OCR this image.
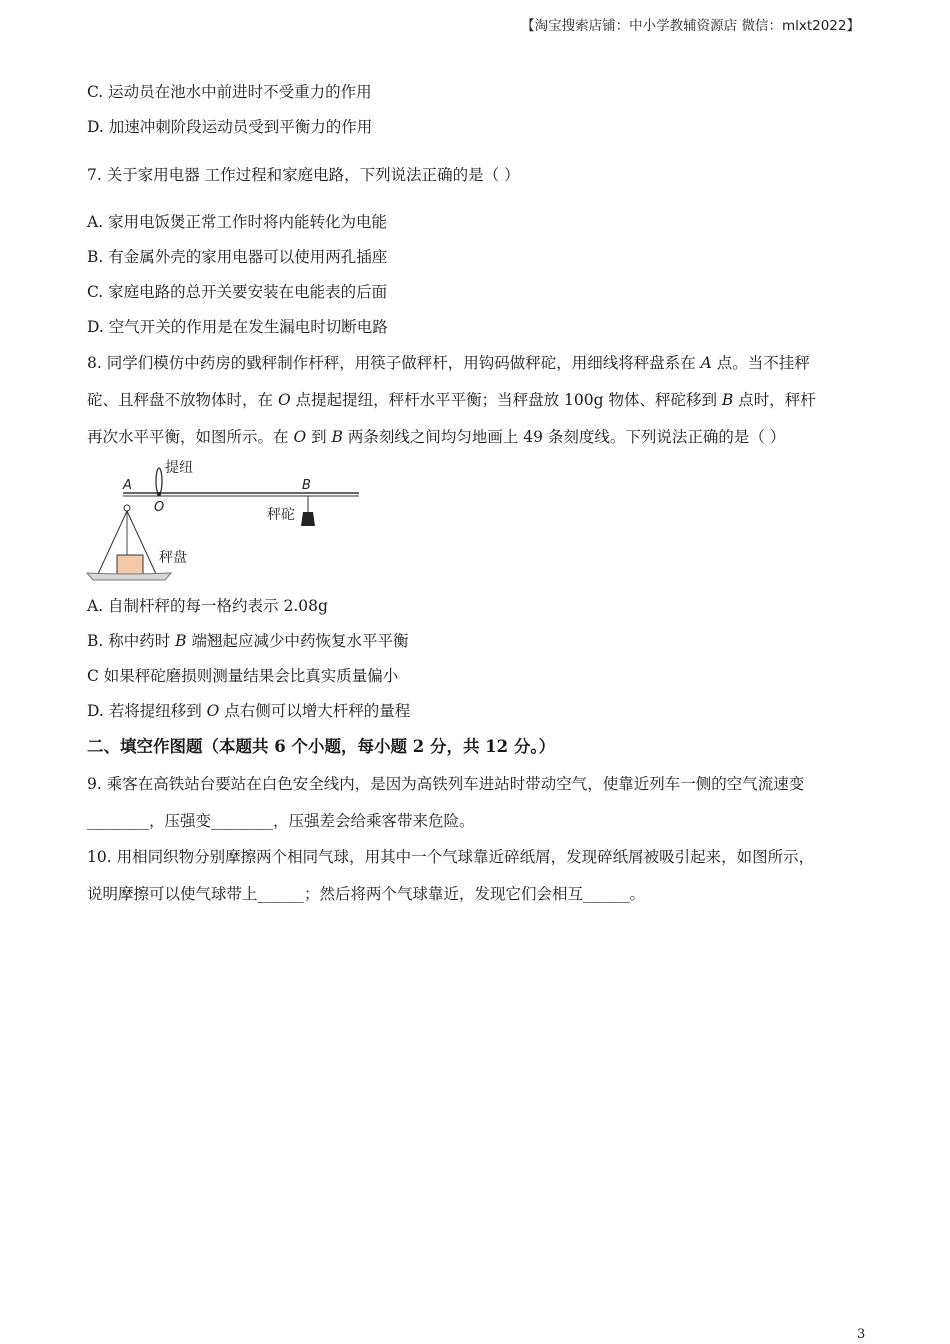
【淘宝搜索店铺：中小学教辅资源店 微信：mlxt2022】
C. 运动员在池水中前进时不受重力的作用
D. 加速冲刺阶段运动员受到平衡力的作用
7. 关于家用电器 工作过程和家庭电路，下列说法正确的是（ ）
A. 家用电饭煲正常工作时将内能转化为电能
B. 有金属外壳的家用电器可以使用两孔插座
C. 家庭电路的总开关要安装在电能表的后面
D. 空气开关的作用是在发生漏电时切断电路
8. 同学们模仿中药房的戥秤制作杆秤，用筷子做秤杆，用钩码做秤砣，用细线将秤盘系在 A 点。当不挂秤
砣、且秤盘不放物体时，在 O 点提起提纽，秤杆水平平衡；当秤盘放 100g 物体、秤砣移到 B 点时，秤杆
再次水平平衡，如图所示。在 O 到 B 两条刻线之间均匀地画上 49 条刻度线。下列说法正确的是（ ）
提纽
A
O
B
秤砣
秤盘
A. 自制杆秤的每一格约表示 2.08g
B. 称中药时 B 端翘起应减少中药恢复水平平衡
C 如果秤砣磨损则测量结果会比真实质量偏小
D. 若将提纽移到 O 点右侧可以增大杆秤的量程
二、填空作图题（本题共 6 个小题，每小题 2 分，共 12 分。）
9. 乘客在高铁站台要站在白色安全线内，是因为高铁列车进站时带动空气，使靠近列车一侧的空气流速变
________，压强变________，压强差会给乘客带来危险。
10. 用相同织物分别摩擦两个相同气球，用其中一个气球靠近碎纸屑，发现碎纸屑被吸引起来，如图所示，
说明摩擦可以使气球带上______；然后将两个气球靠近，发现它们会相互______。
3
